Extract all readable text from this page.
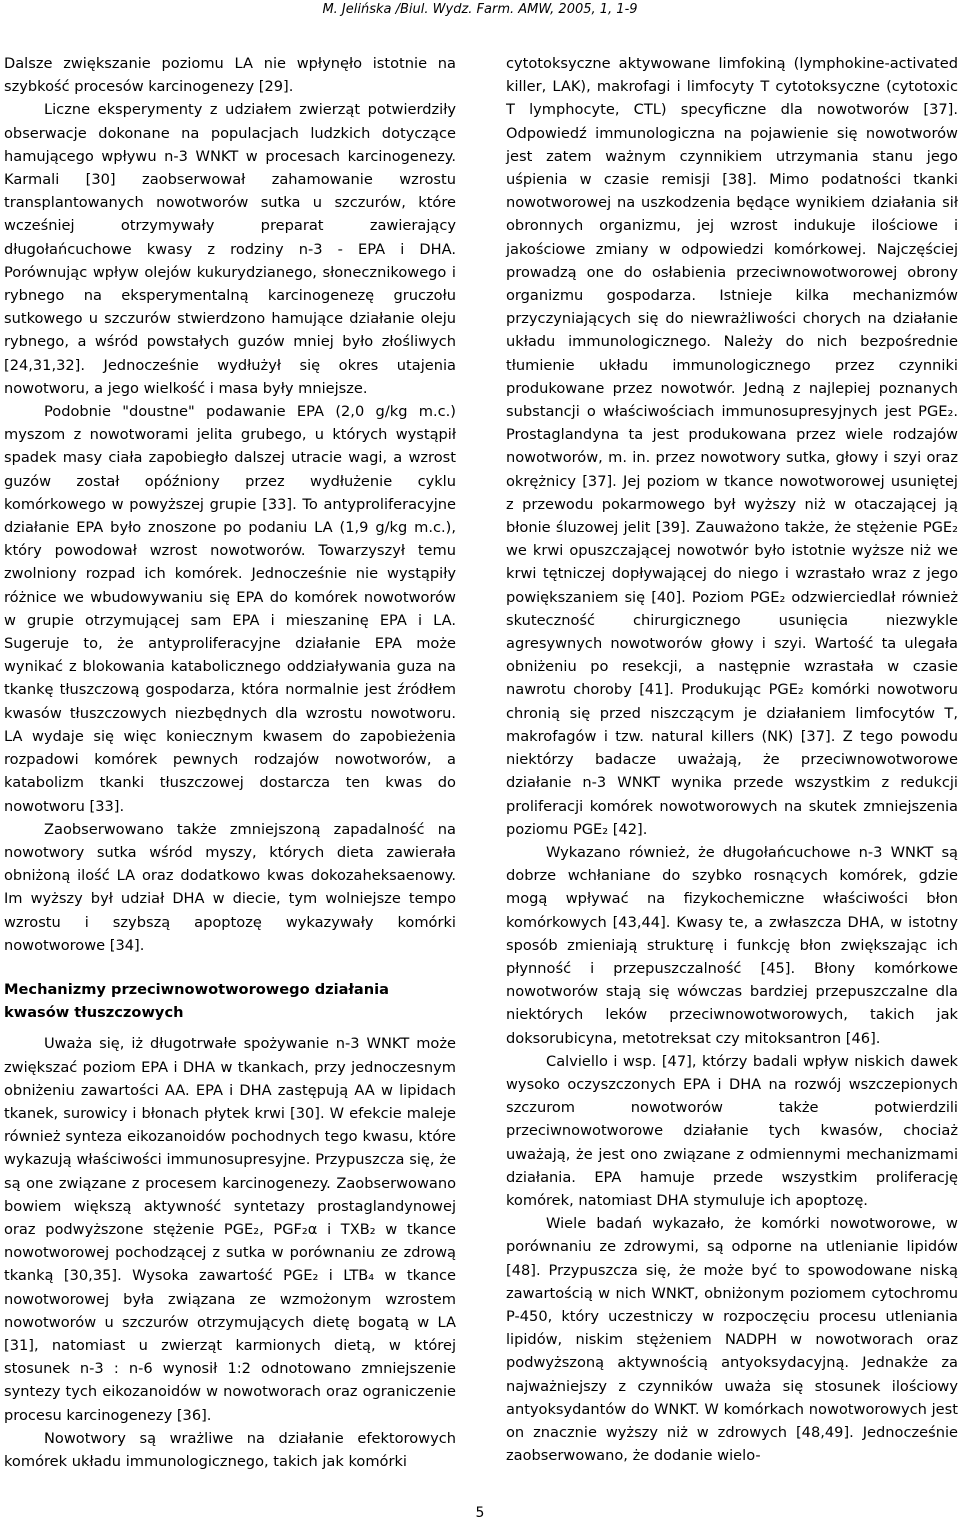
M. Jelińska /Biul. Wydz. Farm. AMW, 2005, 1, 1-9

Dalsze zwiększanie poziomu LA nie wpłynęło istotnie na szybkość procesów karcinogenezy [29].

Liczne eksperymenty z udziałem zwierząt potwierdziły obserwacje dokonane na populacjach ludzkich dotyczące hamującego wpływu n-3 WNKT w procesach karcinogenezy. Karmali [30] zaobserwował zahamowanie wzrostu transplantowanych nowotworów sutka u szczurów, które wcześniej otrzymywały preparat zawierający długołańcuchowe kwasy z rodziny n-3 - EPA i DHA. Porównując wpływ olejów kukurydzianego, słonecznikowego i rybnego na eksperymentalną karcinogenezę gruczołu sutkowego u szczurów stwierdzono hamujące działanie oleju rybnego, a wśród powstałych guzów mniej było złośliwych [24,31,32]. Jednocześnie wydłużył się okres utajenia nowotworu, a jego wielkość i masa były mniejsze.

Podobnie "doustne" podawanie EPA (2,0 g/kg m.c.) myszom z nowotworami jelita grubego, u których wystąpił spadek masy ciała zapobiegło dalszej utracie wagi, a wzrost guzów został opóźniony przez wydłużenie cyklu komórkowego w powyższej grupie [33]. To antyproliferacyjne działanie EPA było znoszone po podaniu LA (1,9 g/kg m.c.), który powodował wzrost nowotworów. Towarzyszył temu zwolniony rozpad ich komórek. Jednocześnie nie wystąpiły różnice we wbudowywaniu się EPA do komórek nowotworów w grupie otrzymującej sam EPA i mieszaninę EPA i LA. Sugeruje to, że antyproliferacyjne działanie EPA może wynikać z blokowania katabolicznego oddziaływania guza na tkankę tłuszczową gospodarza, która normalnie jest źródłem kwasów tłuszczowych niezbędnych dla wzrostu nowotworu. LA wydaje się więc koniecznym kwasem do zapobieżenia rozpadowi komórek pewnych rodzajów nowotworów, a katabolizm tkanki tłuszczowej dostarcza ten kwas do nowotworu [33].

Zaobserwowano także zmniejszoną zapadalność na nowotwory sutka wśród myszy, których dieta zawierała obniżoną ilość LA oraz dodatkowo kwas dokozaheksaenowy. Im wyższy był udział DHA w diecie, tym wolniejsze tempo wzrostu i szybszą apoptozę wykazywały komórki nowotworowe [34].

Mechanizmy przeciwnowotworowego działania kwasów tłuszczowych

Uważa się, iż długotrwałe spożywanie n-3 WNKT może zwiększać poziom EPA i DHA w tkankach, przy jednoczesnym obniżeniu zawartości AA. EPA i DHA zastępują AA w lipidach tkanek, surowicy i błonach płytek krwi [30]. W efekcie maleje również synteza eikozanoidów pochodnych tego kwasu, które wykazują właściwości immunosupresyjne. Przypuszcza się, że są one związane z procesem karcinogenezy. Zaobserwowano bowiem większą aktywność syntetazy prostaglandynowej oraz podwyższone stężenie PGE₂, PGF₂α i TXB₂ w tkance nowotworowej pochodzącej z sutka w porównaniu ze zdrową tkanką [30,35]. Wysoka zawartość PGE₂ i LTB₄ w tkance nowotworowej była związana ze wzmożonym wzrostem nowotworów u szczurów otrzymujących dietę bogatą w LA [31], natomiast u zwierząt karmionych dietą, w której stosunek n-3 : n-6 wynosił 1:2 odnotowano zmniejszenie syntezy tych eikozanoidów w nowotworach oraz ograniczenie procesu karcinogenezy [36].

Nowotwory są wrażliwe na działanie efektorowych komórek układu immunologicznego, takich jak komórki

cytotoksyczne aktywowane limfokiną (lymphokine-activated killer, LAK), makrofagi i limfocyty T cytotoksyczne (cytotoxic T lymphocyte, CTL) specyficzne dla nowotworów [37]. Odpowiedź immunologiczna na pojawienie się nowotworów jest zatem ważnym czynnikiem utrzymania stanu jego uśpienia w czasie remisji [38]. Mimo podatności tkanki nowotworowej na uszkodzenia będące wynikiem działania sił obronnych organizmu, jej wzrost indukuje ilościowe i jakościowe zmiany w odpowiedzi komórkowej. Najczęściej prowadzą one do osłabienia przeciwnowotworowej obrony organizmu gospodarza. Istnieje kilka mechanizmów przyczyniających się do niewrażliwości chorych na działanie układu immunologicznego. Należy do nich bezpośrednie tłumienie układu immunologicznego przez czynniki produkowane przez nowotwór. Jedną z najlepiej poznanych substancji o właściwościach immunosupresyjnych jest PGE₂. Prostaglandyna ta jest produkowana przez wiele rodzajów nowotworów, m. in. przez nowotwory sutka, głowy i szyi oraz okrężnicy [37]. Jej poziom w tkance nowotworowej usuniętej z przewodu pokarmowego był wyższy niż w otaczającej ją błonie śluzowej jelit [39]. Zauważono także, że stężenie PGE₂ we krwi opuszczającej nowotwór było istotnie wyższe niż we krwi tętniczej dopływającej do niego i wzrastało wraz z jego powiększaniem się [40]. Poziom PGE₂ odzwierciedlał również skuteczność chirurgicznego usunięcia niezwykle agresywnych nowotworów głowy i szyi. Wartość ta ulegała obniżeniu po resekcji, a następnie wzrastała w czasie nawrotu choroby [41]. Produkując PGE₂ komórki nowotworu chronią się przed niszczącym je działaniem limfocytów T, makrofagów i tzw. natural killers (NK) [37]. Z tego powodu niektórzy badacze uważają, że przeciwnowotworowe działanie n-3 WNKT wynika przede wszystkim z redukcji proliferacji komórek nowotworowych na skutek zmniejszenia poziomu PGE₂ [42].

Wykazano również, że długołańcuchowe n-3 WNKT są dobrze wchłaniane do szybko rosnących komórek, gdzie mogą wpływać na fizykochemiczne właściwości błon komórkowych [43,44]. Kwasy te, a zwłaszcza DHA, w istotny sposób zmieniają strukturę i funkcję błon zwiększając ich płynność i przepuszczalność [45]. Błony komórkowe nowotworów stają się wówczas bardziej przepuszczalne dla niektórych leków przeciwnowotworowych, takich jak doksorubicyna, metotreksat czy mitoksantron [46].

Calviello i wsp. [47], którzy badali wpływ niskich dawek wysoko oczyszczonych EPA i DHA na rozwój wszczepionych szczurom nowotworów także potwierdzili przeciwnowotworowe działanie tych kwasów, chociaż uważają, że jest ono związane z odmiennymi mechanizmami działania. EPA hamuje przede wszystkim proliferację komórek, natomiast DHA stymuluje ich apoptozę.

Wiele badań wykazało, że komórki nowotworowe, w porównaniu ze zdrowymi, są odporne na utlenianie lipidów [48]. Przypuszcza się, że może być to spowodowane niską zawartością w nich WNKT, obniżonym poziomem cytochromu P-450, który uczestniczy w rozpoczęciu procesu utleniania lipidów, niskim stężeniem NADPH w nowotworach oraz podwyższoną aktywnością antyoksydacyjną. Jednakże za najważniejszy z czynników uważa się stosunek ilościowy antyoksydantów do WNKT. W komórkach nowotworowych jest on znacznie wyższy niż w zdrowych [48,49]. Jednocześnie zaobserwowano, że dodanie wielo-

5
